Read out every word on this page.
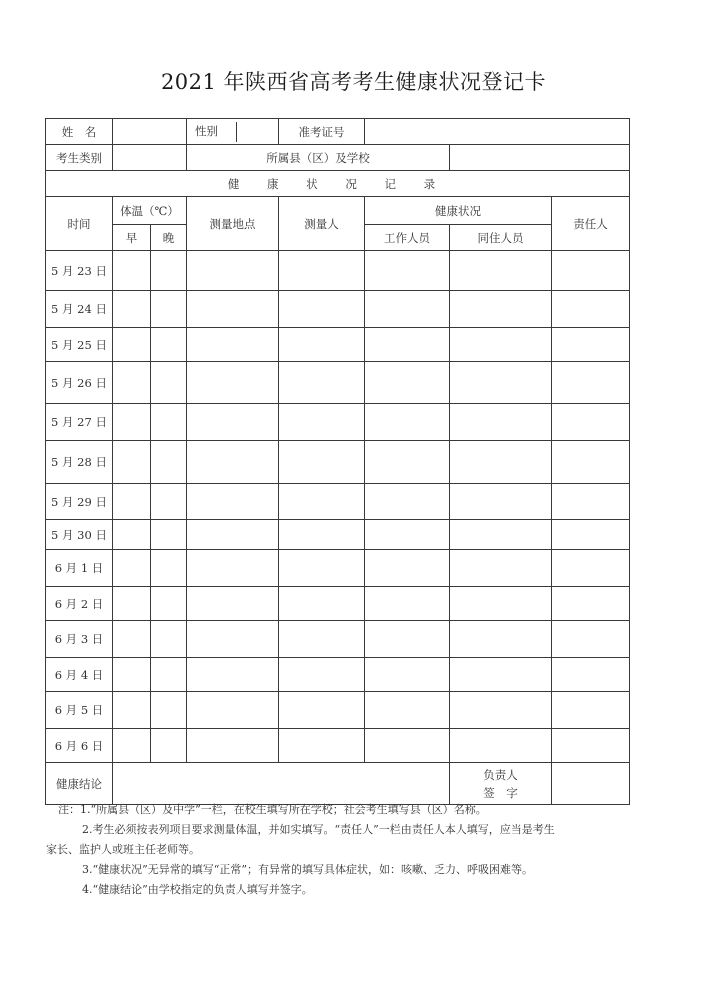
2021 年陕西省高考考生健康状况登记卡
姓　名			性别	准考证号			
考生类别			所属县（区）及学校				
健 康 状 况 记 录							
时间	体温（℃）		测量地点	测量人	健康状况		责任人
	早	晚			工作人员	同住人员	
5 月 23 日							
5 月 24 日							
5 月 25 日							
5 月 26 日							
5 月 27 日							
5 月 28 日							
5 月 29 日							
5 月 30 日							
6 月 1 日							
6 月 2 日							
6 月 3 日							
6 月 4 日							
6 月 5 日							
6 月 6 日							
健康结论						负责人
签　字	

注：1.“所属县（区）及中学”一栏，在校生填写所在学校；社会考生填写县（区）名称。
2.考生必须按表列项目要求测量体温，并如实填写。“责任人”一栏由责任人本人填写，应当是考生
家长、监护人或班主任老师等。
3.“健康状况”无异常的填写“正常”；有异常的填写具体症状，如：咳嗽、乏力、呼吸困难等。
4.“健康结论”由学校指定的负责人填写并签字。
